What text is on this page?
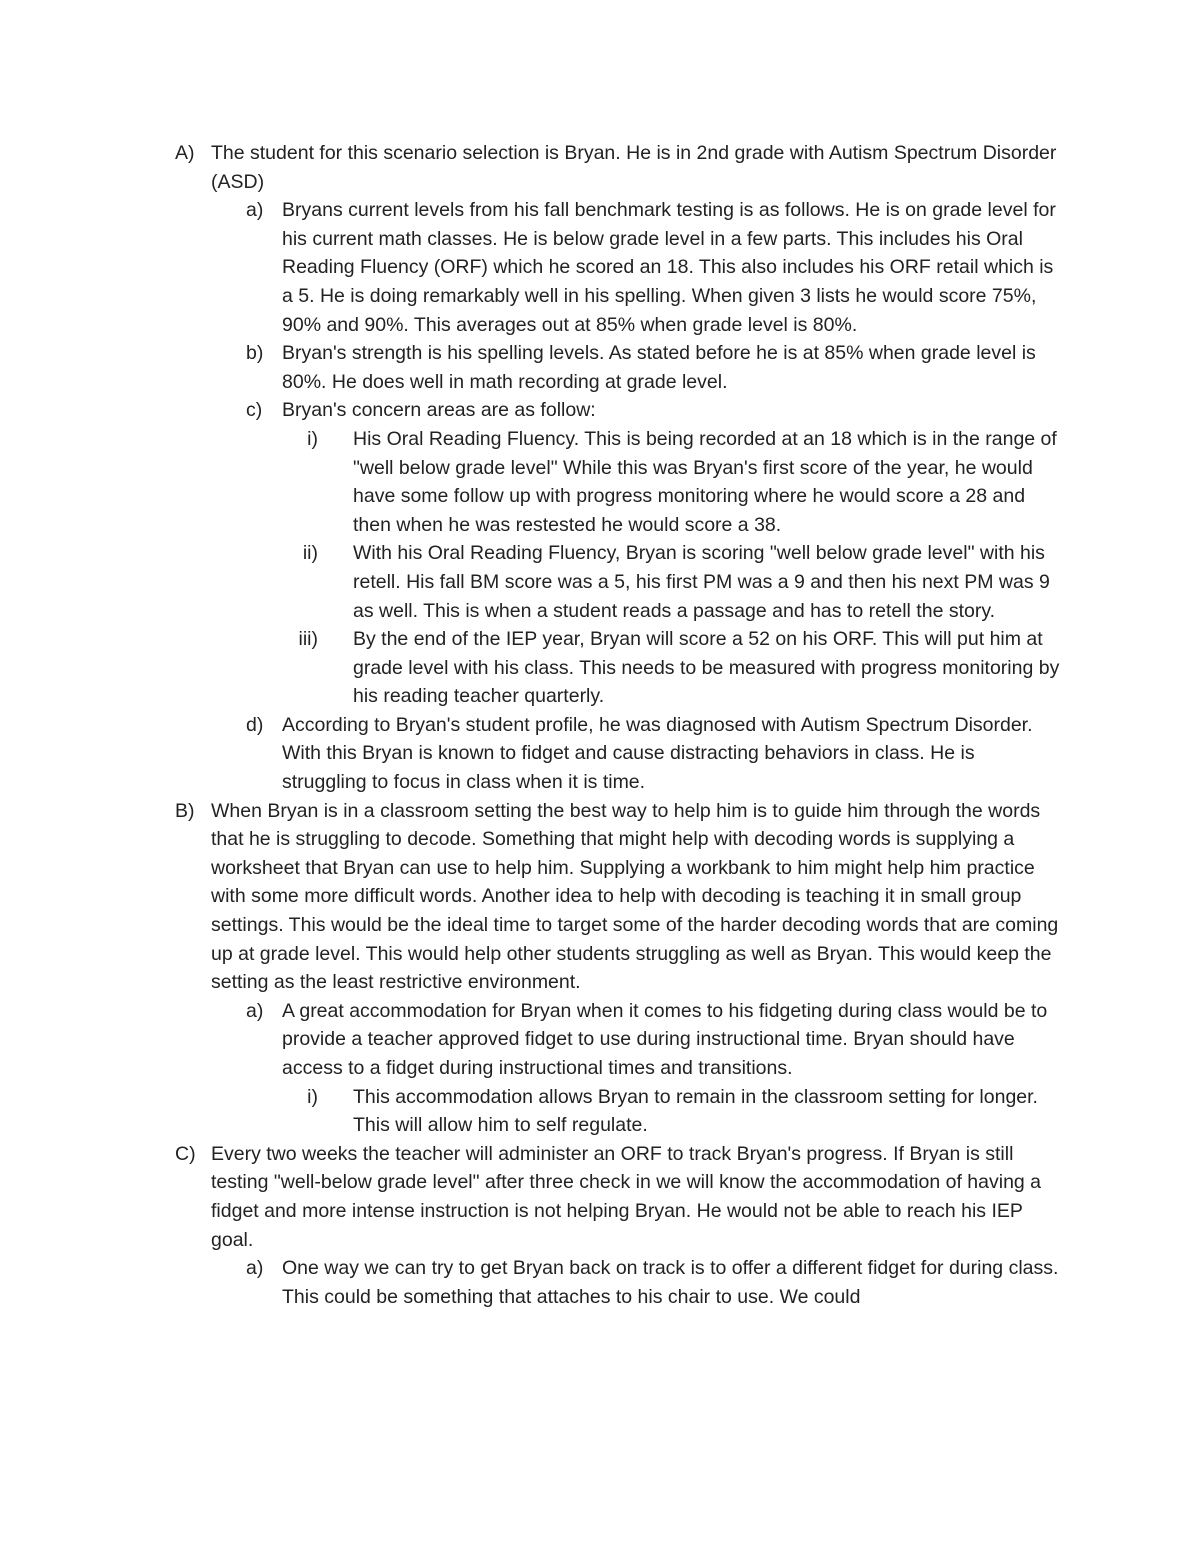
A) The student for this scenario selection is Bryan. He is in 2nd grade with Autism Spectrum Disorder (ASD)
a) Bryans current levels from his fall benchmark testing is as follows. He is on grade level for his current math classes. He is below grade level in a few parts. This includes his Oral Reading Fluency (ORF) which he scored an 18. This also includes his ORF retail which is a 5. He is doing remarkably well in his spelling. When given 3 lists he would score 75%, 90% and 90%. This averages out at 85% when grade level is 80%.
b) Bryan's strength is his spelling levels. As stated before he is at 85% when grade level is 80%. He does well in math recording at grade level.
c) Bryan's concern areas are as follow:
i) His Oral Reading Fluency. This is being recorded at an 18 which is in the range of "well below grade level" While this was Bryan's first score of the year, he would have some follow up with progress monitoring where he would score a 28 and then when he was restested he would score a 38.
ii) With his Oral Reading Fluency, Bryan is scoring "well below grade level" with his retell. His fall BM score was a 5, his first PM was a 9 and then his next PM was 9 as well. This is when a student reads a passage and has to retell the story.
iii) By the end of the IEP year, Bryan will score a 52 on his ORF. This will put him at grade level with his class. This needs to be measured with progress monitoring by his reading teacher quarterly.
d) According to Bryan's student profile, he was diagnosed with Autism Spectrum Disorder. With this Bryan is known to fidget and cause distracting behaviors in class. He is struggling to focus in class when it is time.
B) When Bryan is in a classroom setting the best way to help him is to guide him through the words that he is struggling to decode. Something that might help with decoding words is supplying a worksheet that Bryan can use to help him. Supplying a workbank to him might help him practice with some more difficult words. Another idea to help with decoding is teaching it in small group settings. This would be the ideal time to target some of the harder decoding words that are coming up at grade level. This would help other students struggling as well as Bryan. This would keep the setting as the least restrictive environment.
a) A great accommodation for Bryan when it comes to his fidgeting during class would be to provide a teacher approved fidget to use during instructional time. Bryan should have access to a fidget during instructional times and transitions.
i) This accommodation allows Bryan to remain in the classroom setting for longer. This will allow him to self regulate.
C) Every two weeks the teacher will administer an ORF to track Bryan's progress. If Bryan is still testing "well-below grade level" after three check in we will know the accommodation of having a fidget and more intense instruction is not helping Bryan. He would not be able to reach his IEP goal.
a) One way we can try to get Bryan back on track is to offer a different fidget for during class. This could be something that attaches to his chair to use. We could
